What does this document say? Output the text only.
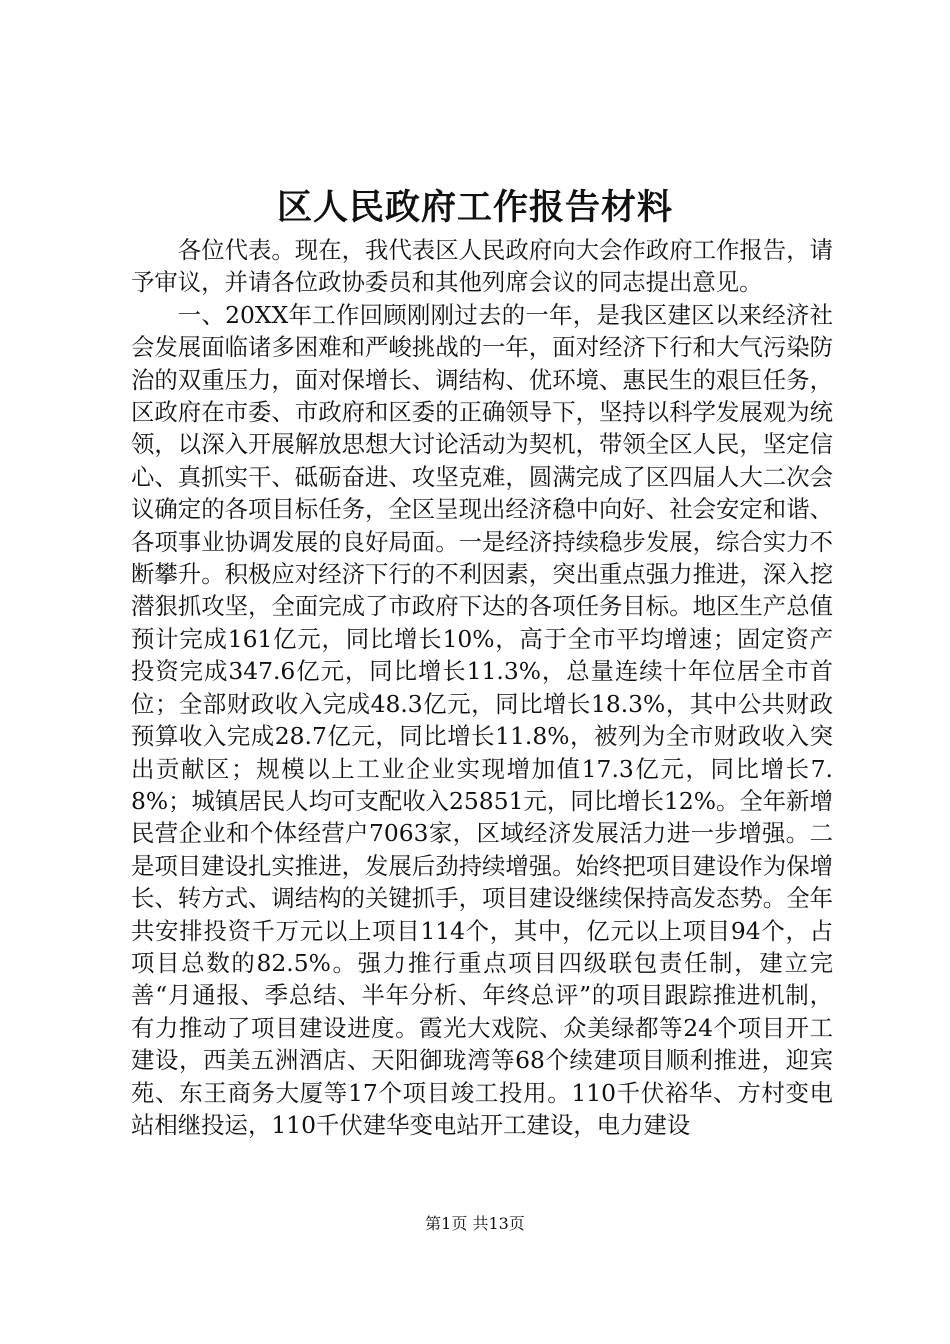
区人民政府工作报告材料

各位代表。现在，我代表区人民政府向大会作政府工作报告，请予审议，并请各位政协委员和其他列席会议的同志提出意见。

一、20XX年工作回顾刚刚过去的一年，是我区建区以来经济社会发展面临诸多困难和严峻挑战的一年，面对经济下行和大气污染防治的双重压力，面对保增长、调结构、优环境、惠民生的艰巨任务，区政府在市委、市政府和区委的正确领导下，坚持以科学发展观为统领，以深入开展解放思想大讨论活动为契机，带领全区人民，坚定信心、真抓实干、砥砺奋进、攻坚克难，圆满完成了区四届人大二次会议确定的各项目标任务，全区呈现出经济稳中向好、社会安定和谐、各项事业协调发展的良好局面。一是经济持续稳步发展，综合实力不断攀升。积极应对经济下行的不利因素，突出重点强力推进，深入挖潜狠抓攻坚，全面完成了市政府下达的各项任务目标。地区生产总值预计完成161亿元，同比增长10%，高于全市平均增速；固定资产投资完成347.6亿元，同比增长11.3%，总量连续十年位居全市首位；全部财政收入完成48.3亿元，同比增长18.3%，其中公共财政预算收入完成28.7亿元，同比增长11.8%，被列为全市财政收入突出贡献区；规模以上工业企业实现增加值17.3亿元，同比增长7.8%；城镇居民人均可支配收入25851元，同比增长12%。全年新增民营企业和个体经营户7063家，区域经济发展活力进一步增强。二是项目建设扎实推进，发展后劲持续增强。始终把项目建设作为保增长、转方式、调结构的关键抓手，项目建设继续保持高发态势。全年共安排投资千万元以上项目114个，其中，亿元以上项目94个，占项目总数的82.5%。强力推行重点项目四级联包责任制，建立完善“月通报、季总结、半年分析、年终总评”的项目跟踪推进机制，有力推动了项目建设进度。霞光大戏院、众美绿都等24个项目开工建设，西美五洲酒店、天阳御珑湾等68个续建项目顺利推进，迎宾苑、东王商务大厦等17个项目竣工投用。110千伏裕华、方村变电站相继投运，110千伏建华变电站开工建设，电力建设

第1页 共13页
